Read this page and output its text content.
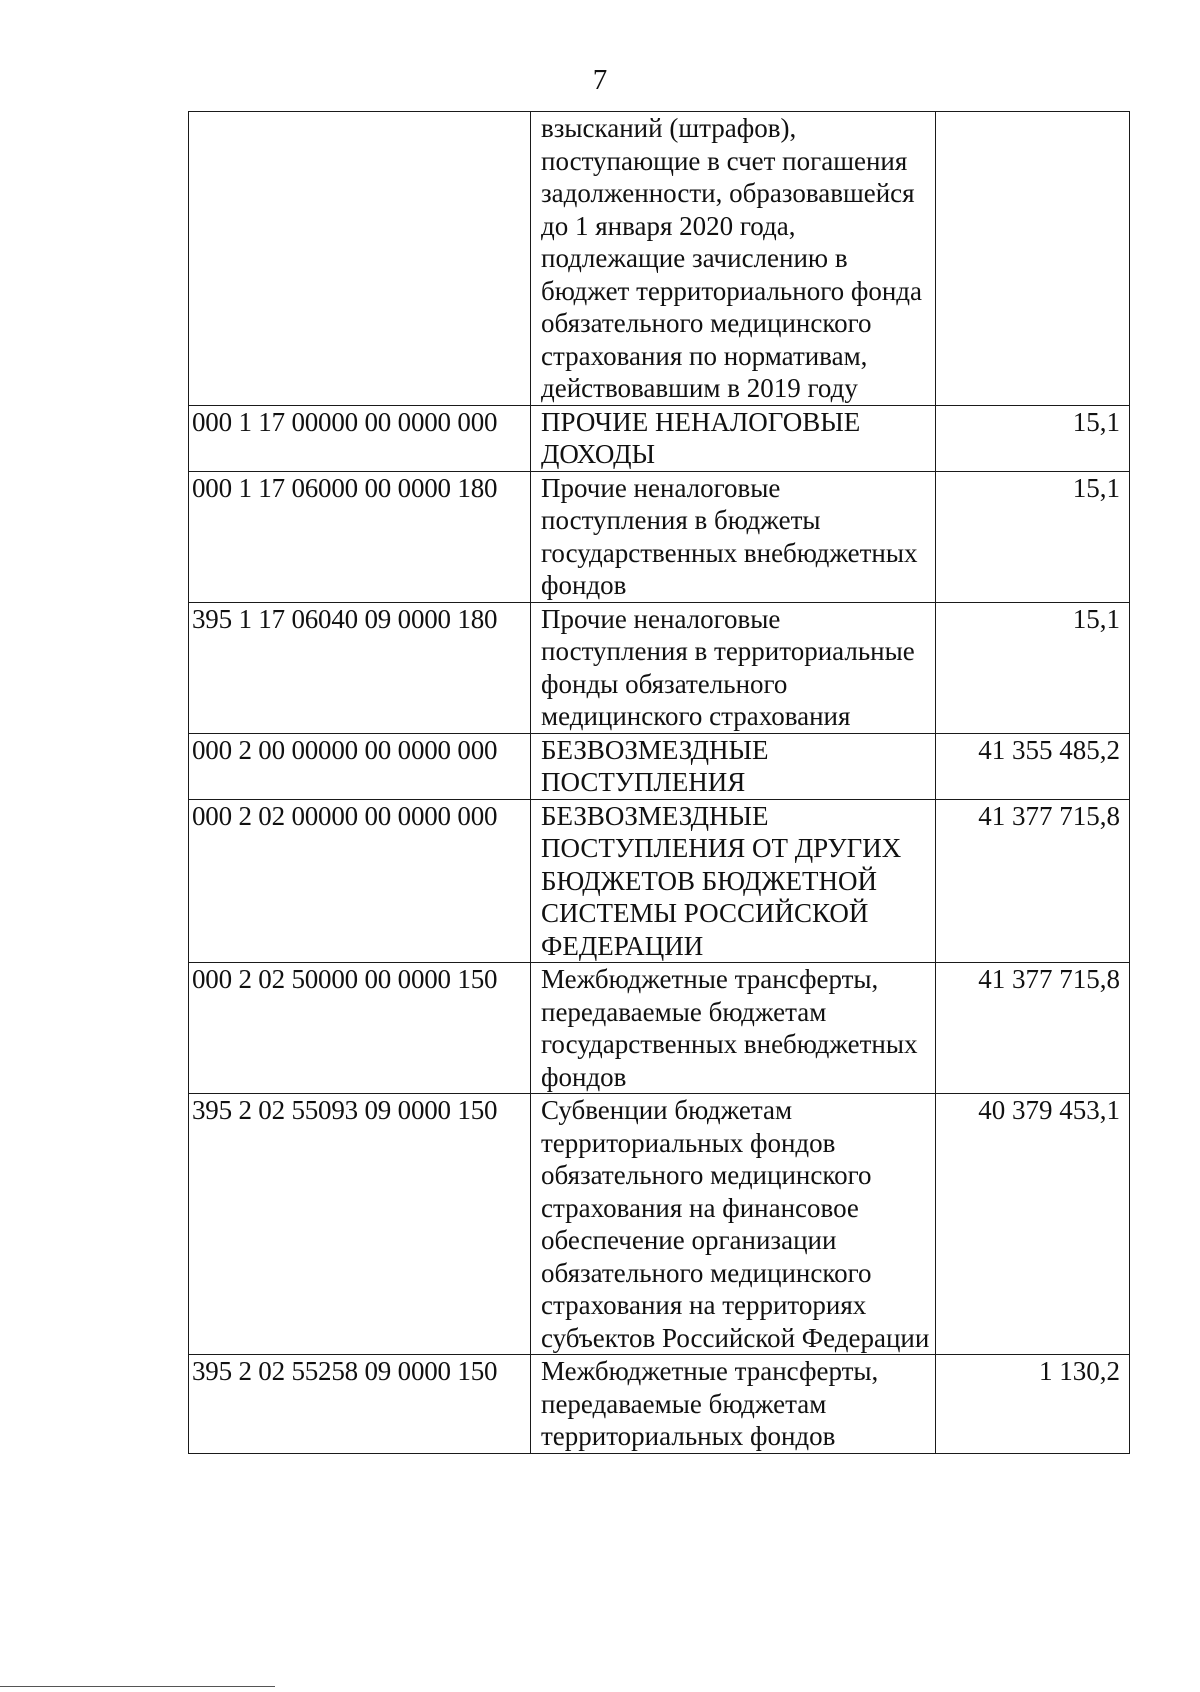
7
	взысканий (штрафов), поступающие в счет погашения задолженности, образовавшейся до 1 января 2020 года, подлежащие зачислению в бюджет территориального фонда обязательного медицинского страхования по нормативам, действовавшим в 2019 году	
000 1 17 00000 00 0000 000	ПРОЧИЕ НЕНАЛОГОВЫЕ ДОХОДЫ	15,1
000 1 17 06000 00 0000 180	Прочие неналоговые поступления в бюджеты государственных внебюджетных фондов	15,1
395 1 17 06040 09 0000 180	Прочие неналоговые поступления в территориальные фонды обязательного медицинского страхования	15,1
000 2 00 00000 00 0000 000	БЕЗВОЗМЕЗДНЫЕ ПОСТУПЛЕНИЯ	41 355 485,2
000 2 02 00000 00 0000 000	БЕЗВОЗМЕЗДНЫЕ ПОСТУПЛЕНИЯ ОТ ДРУГИХ БЮДЖЕТОВ БЮДЖЕТНОЙ СИСТЕМЫ РОССИЙСКОЙ ФЕДЕРАЦИИ	41 377 715,8
000 2 02 50000 00 0000 150	Межбюджетные трансферты, передаваемые бюджетам государственных внебюджетных фондов	41 377 715,8
395 2 02 55093 09 0000 150	Субвенции бюджетам территориальных фондов обязательного медицинского страхования на финансовое обеспечение организации обязательного медицинского страхования на территориях субъектов Российской Федерации	40 379 453,1
395 2 02 55258 09 0000 150	Межбюджетные трансферты, передаваемые бюджетам территориальных фондов	1 130,2
